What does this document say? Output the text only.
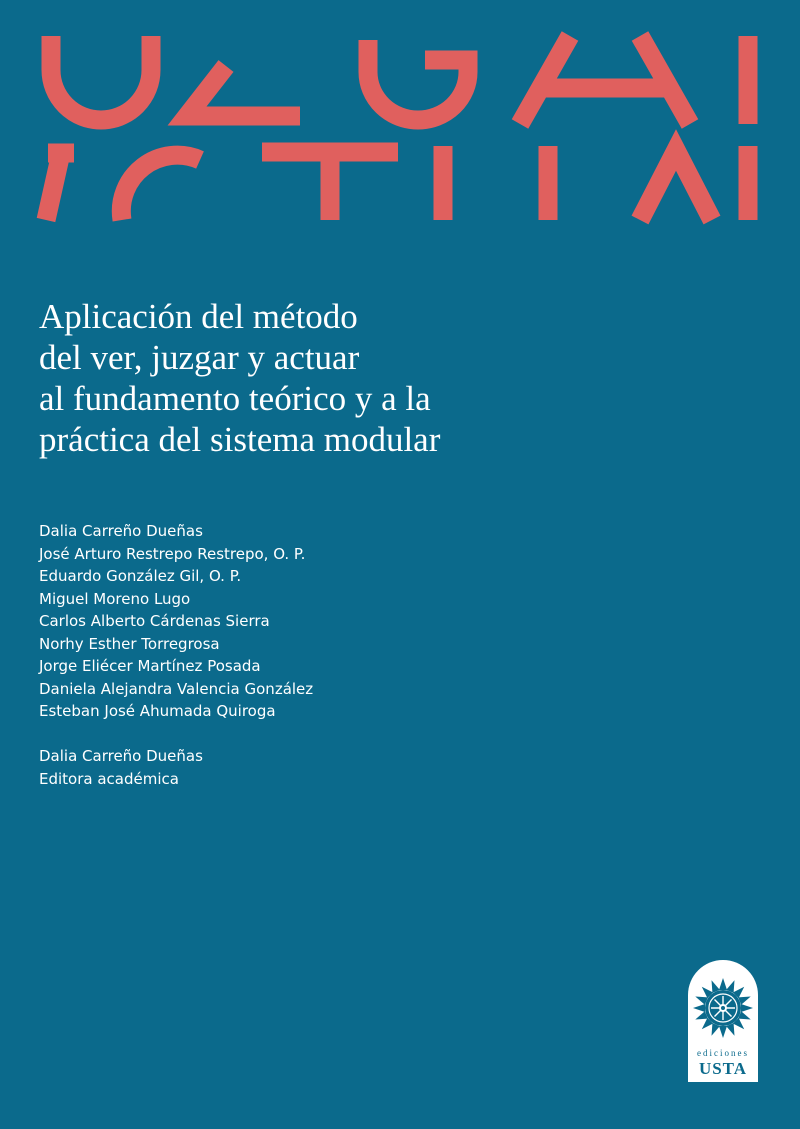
Aplicación del método
del ver, juzgar y actuar
al fundamento teórico y a la
práctica del sistema modular
Dalia Carreño Dueñas
José Arturo Restrepo Restrepo, O. P.
Eduardo González Gil, O. P.
Miguel Moreno Lugo
Carlos Alberto Cárdenas Sierra
Norhy Esther Torregrosa
Jorge Eliécer Martínez Posada
Daniela Alejandra Valencia González
Esteban José Ahumada Quiroga
Dalia Carreño Dueñas
Editora académica
ediciones
USTA
